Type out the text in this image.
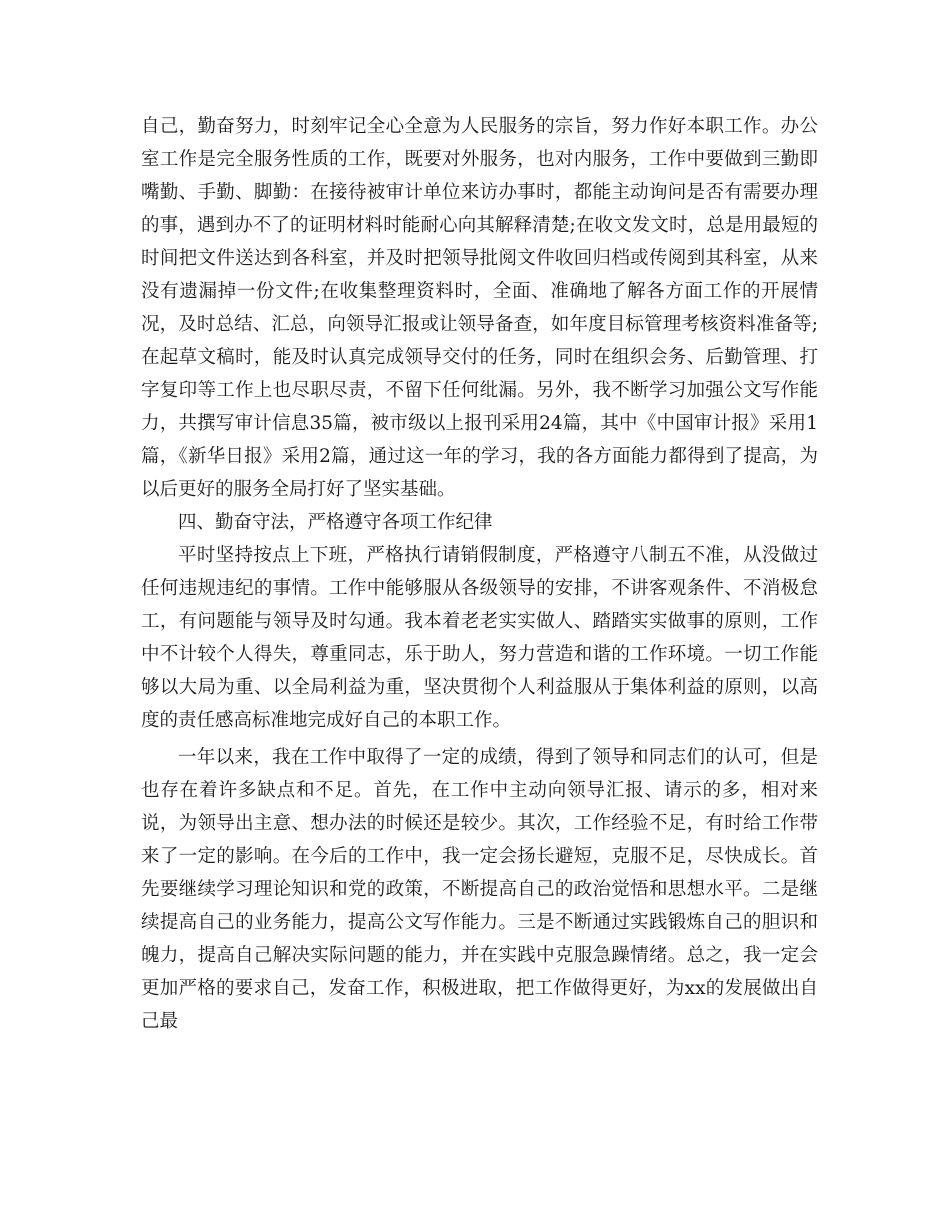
自己，勤奋努力，时刻牢记全心全意为人民服务的宗旨，努力作好本职工作。办公室工作是完全服务性质的工作，既要对外服务，也对内服务，工作中要做到三勤即嘴勤、手勤、脚勤：在接待被审计单位来访办事时，都能主动询问是否有需要办理的事，遇到办不了的证明材料时能耐心向其解释清楚;在收文发文时，总是用最短的时间把文件送达到各科室，并及时把领导批阅文件收回归档或传阅到其科室，从来没有遗漏掉一份文件;在收集整理资料时，全面、准确地了解各方面工作的开展情况，及时总结、汇总，向领导汇报或让领导备查，如年度目标管理考核资料准备等;在起草文稿时，能及时认真完成领导交付的任务，同时在组织会务、后勤管理、打字复印等工作上也尽职尽责，不留下任何纰漏。另外，我不断学习加强公文写作能力，共撰写审计信息35篇，被市级以上报刊采用24篇，其中《中国审计报》采用1篇，《新华日报》采用2篇，通过这一年的学习，我的各方面能力都得到了提高，为以后更好的服务全局打好了坚实基础。

四、勤奋守法，严格遵守各项工作纪律

平时坚持按点上下班，严格执行请销假制度，严格遵守八制五不准，从没做过任何违规违纪的事情。工作中能够服从各级领导的安排，不讲客观条件、不消极怠工，有问题能与领导及时勾通。我本着老老实实做人、踏踏实实做事的原则，工作中不计较个人得失，尊重同志，乐于助人，努力营造和谐的工作环境。一切工作能够以大局为重、以全局利益为重，坚决贯彻个人利益服从于集体利益的原则，以高度的责任感高标准地完成好自己的本职工作。

一年以来，我在工作中取得了一定的成绩，得到了领导和同志们的认可，但是也存在着许多缺点和不足。首先，在工作中主动向领导汇报、请示的多，相对来说，为领导出主意、想办法的时候还是较少。其次，工作经验不足，有时给工作带来了一定的影响。在今后的工作中，我一定会扬长避短，克服不足，尽快成长。首先要继续学习理论知识和党的政策，不断提高自己的政治觉悟和思想水平。二是继续提高自己的业务能力，提高公文写作能力。三是不断通过实践锻炼自己的胆识和魄力，提高自己解决实际问题的能力，并在实践中克服急躁情绪。总之，我一定会更加严格的要求自己，发奋工作，积极进取，把工作做得更好，为xx的发展做出自己最
